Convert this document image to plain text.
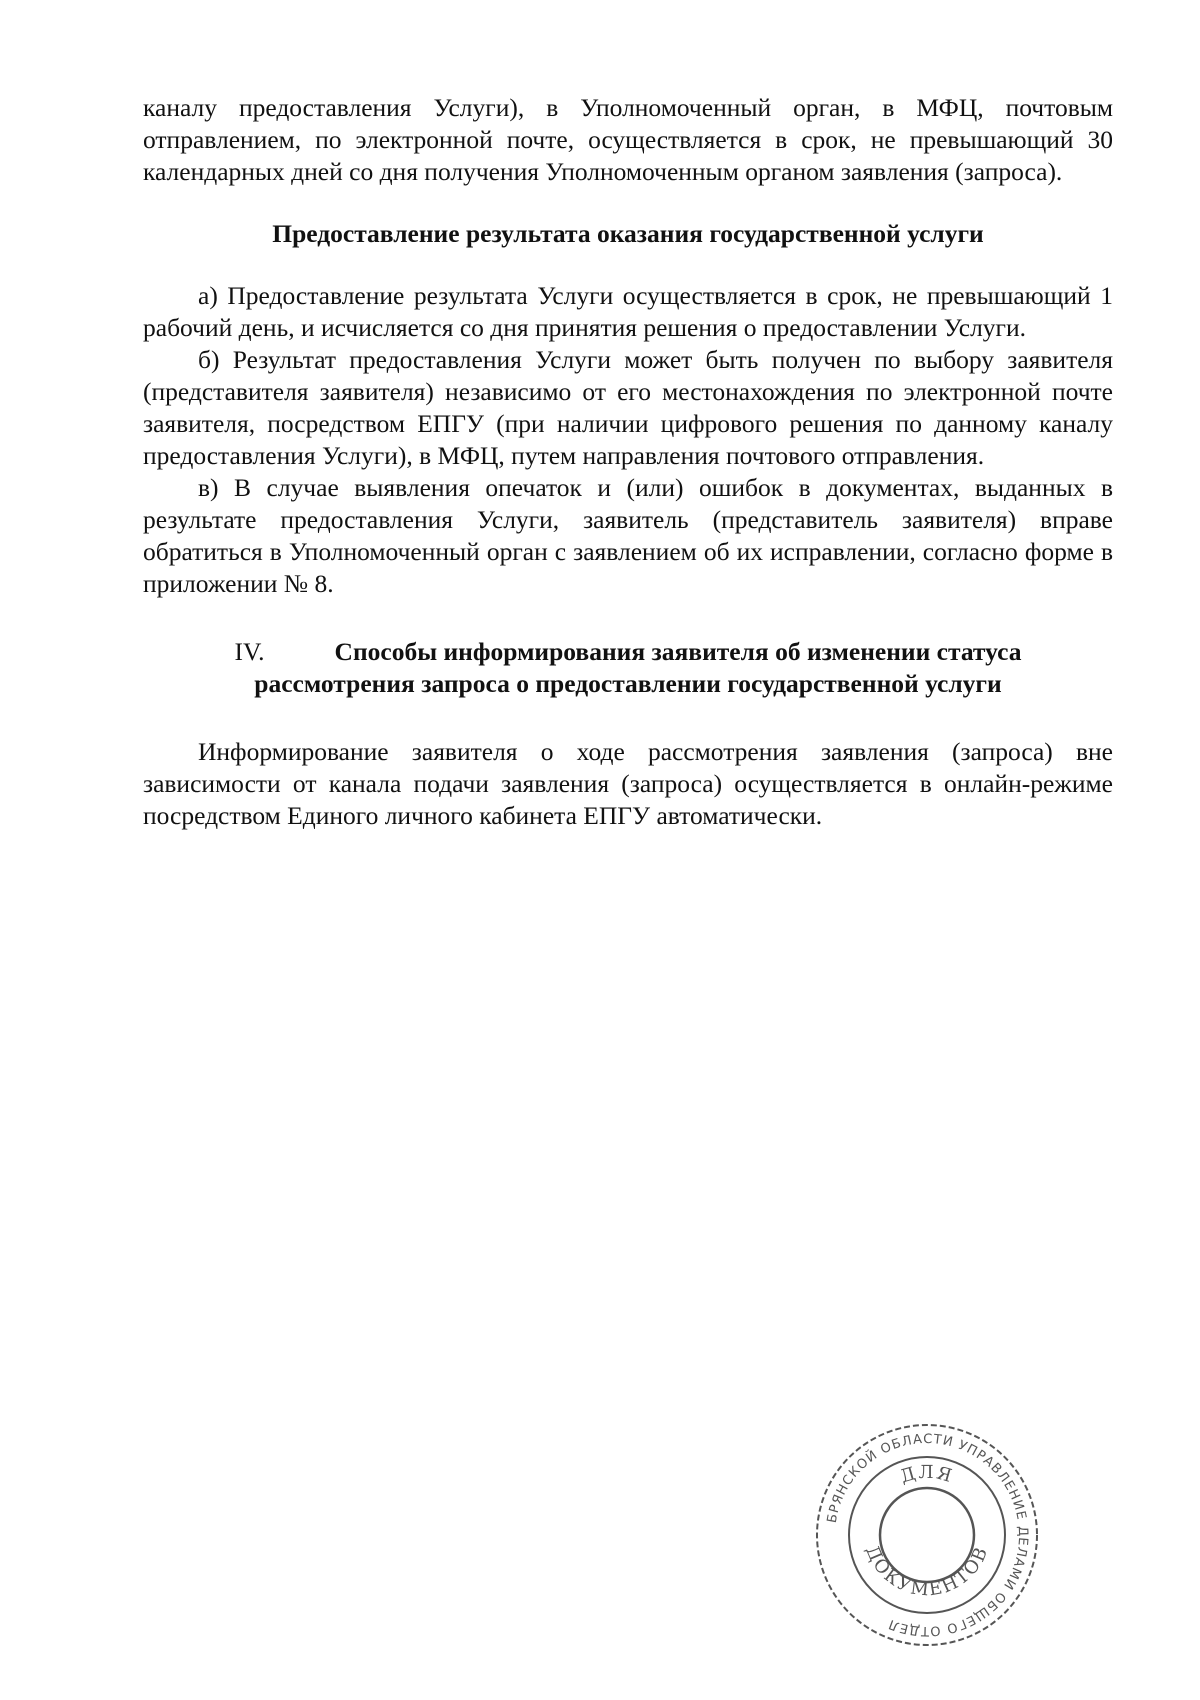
каналу предоставления Услуги), в Уполномоченный орган, в МФЦ, почтовым отправлением, по электронной почте, осуществляется в срок, не превышающий 30 календарных дней со дня получения Уполномоченным органом заявления (запроса).

Предоставление результата оказания государственной услуги

а) Предоставление результата Услуги осуществляется в срок, не превышающий 1 рабочий день, и исчисляется со дня принятия решения о предоставлении Услуги.

б) Результат предоставления Услуги может быть получен по выбору заявителя (представителя заявителя) независимо от его местонахождения по электронной почте заявителя, посредством ЕПГУ (при наличии цифрового решения по данному каналу предоставления Услуги), в МФЦ, путем направления почтового отправления.

в) В случае выявления опечаток и (или) ошибок в документах, выданных в результате предоставления Услуги, заявитель (представитель заявителя) вправе обратиться в Уполномоченный орган с заявлением об их исправлении, согласно форме в приложении № 8.

IV.	Способы информирования заявителя об изменении статуса
рассмотрения запроса о предоставлении государственной услуги

Информирование заявителя о ходе рассмотрения заявления (запроса) вне зависимости от канала подачи заявления (запроса) осуществляется в онлайн-режиме посредством Единого личного кабинета ЕПГУ автоматически.

БРЯНСКОЙ ОБЛАСТИ УПРАВЛЕНИЕ ДЕЛАМИ ОБЩЕГО ОТДЕЛ
ДЛЯ
ДОКУМЕНТОВ
